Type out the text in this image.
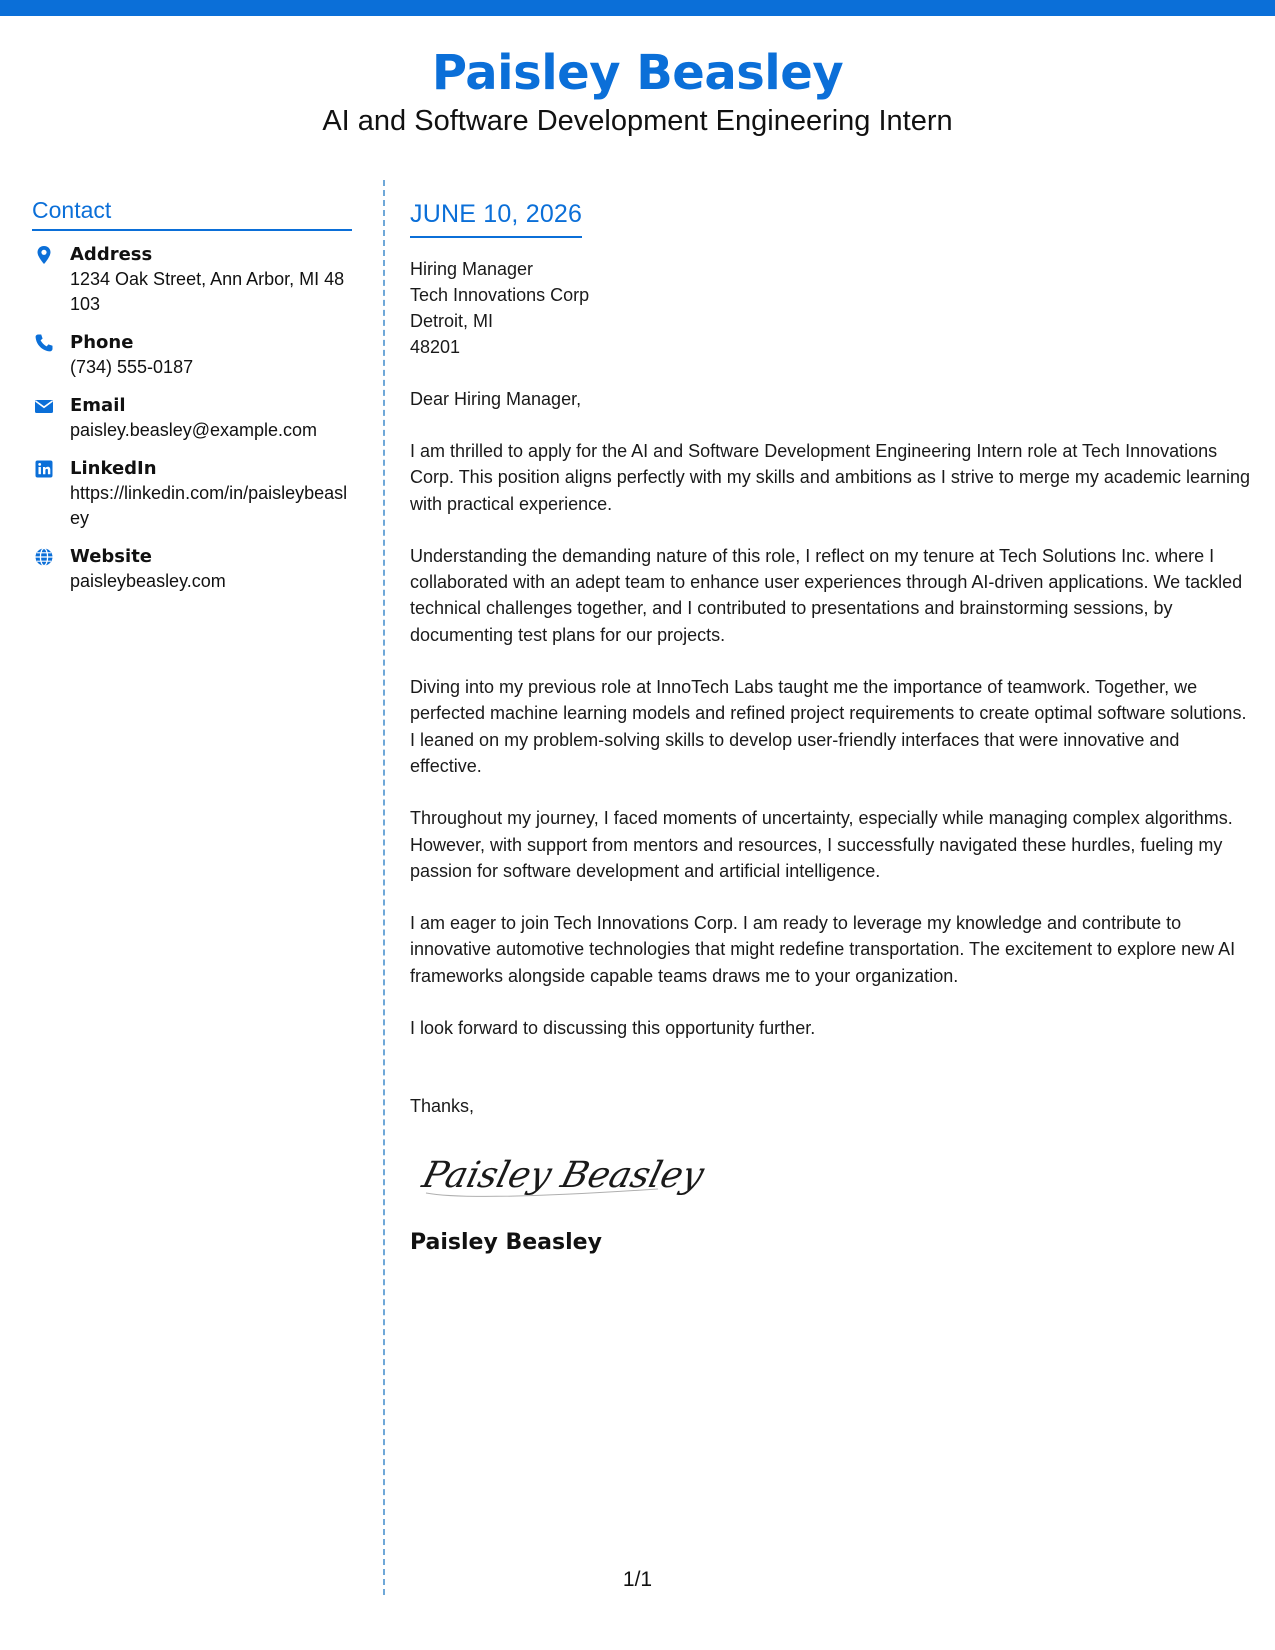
Paisley Beasley
AI and Software Development Engineering Intern
Contact
Address
1234 Oak Street, Ann Arbor, MI 48103
Phone
(734) 555-0187
Email
paisley.beasley@example.com
LinkedIn
https://linkedin.com/in/paisleybeasley
Website
paisleybeasley.com
JUNE 10, 2026
Hiring Manager
Tech Innovations Corp
Detroit, MI
48201
Dear Hiring Manager,
I am thrilled to apply for the AI and Software Development Engineering Intern role at Tech Innovations Corp. This position aligns perfectly with my skills and ambitions as I strive to merge my academic learning with practical experience.
Understanding the demanding nature of this role, I reflect on my tenure at Tech Solutions Inc. where I collaborated with an adept team to enhance user experiences through AI-driven applications. We tackled technical challenges together, and I contributed to presentations and brainstorming sessions, by documenting test plans for our projects.
Diving into my previous role at InnoTech Labs taught me the importance of teamwork. Together, we perfected machine learning models and refined project requirements to create optimal software solutions. I leaned on my problem-solving skills to develop user-friendly interfaces that were innovative and effective.
Throughout my journey, I faced moments of uncertainty, especially while managing complex algorithms. However, with support from mentors and resources, I successfully navigated these hurdles, fueling my passion for software development and artificial intelligence.
I am eager to join Tech Innovations Corp. I am ready to leverage my knowledge and contribute to innovative automotive technologies that might redefine transportation. The excitement to explore new AI frameworks alongside capable teams draws me to your organization.
I look forward to discussing this opportunity further.
Thanks,
Paisley Beasley
Paisley Beasley
1/1
